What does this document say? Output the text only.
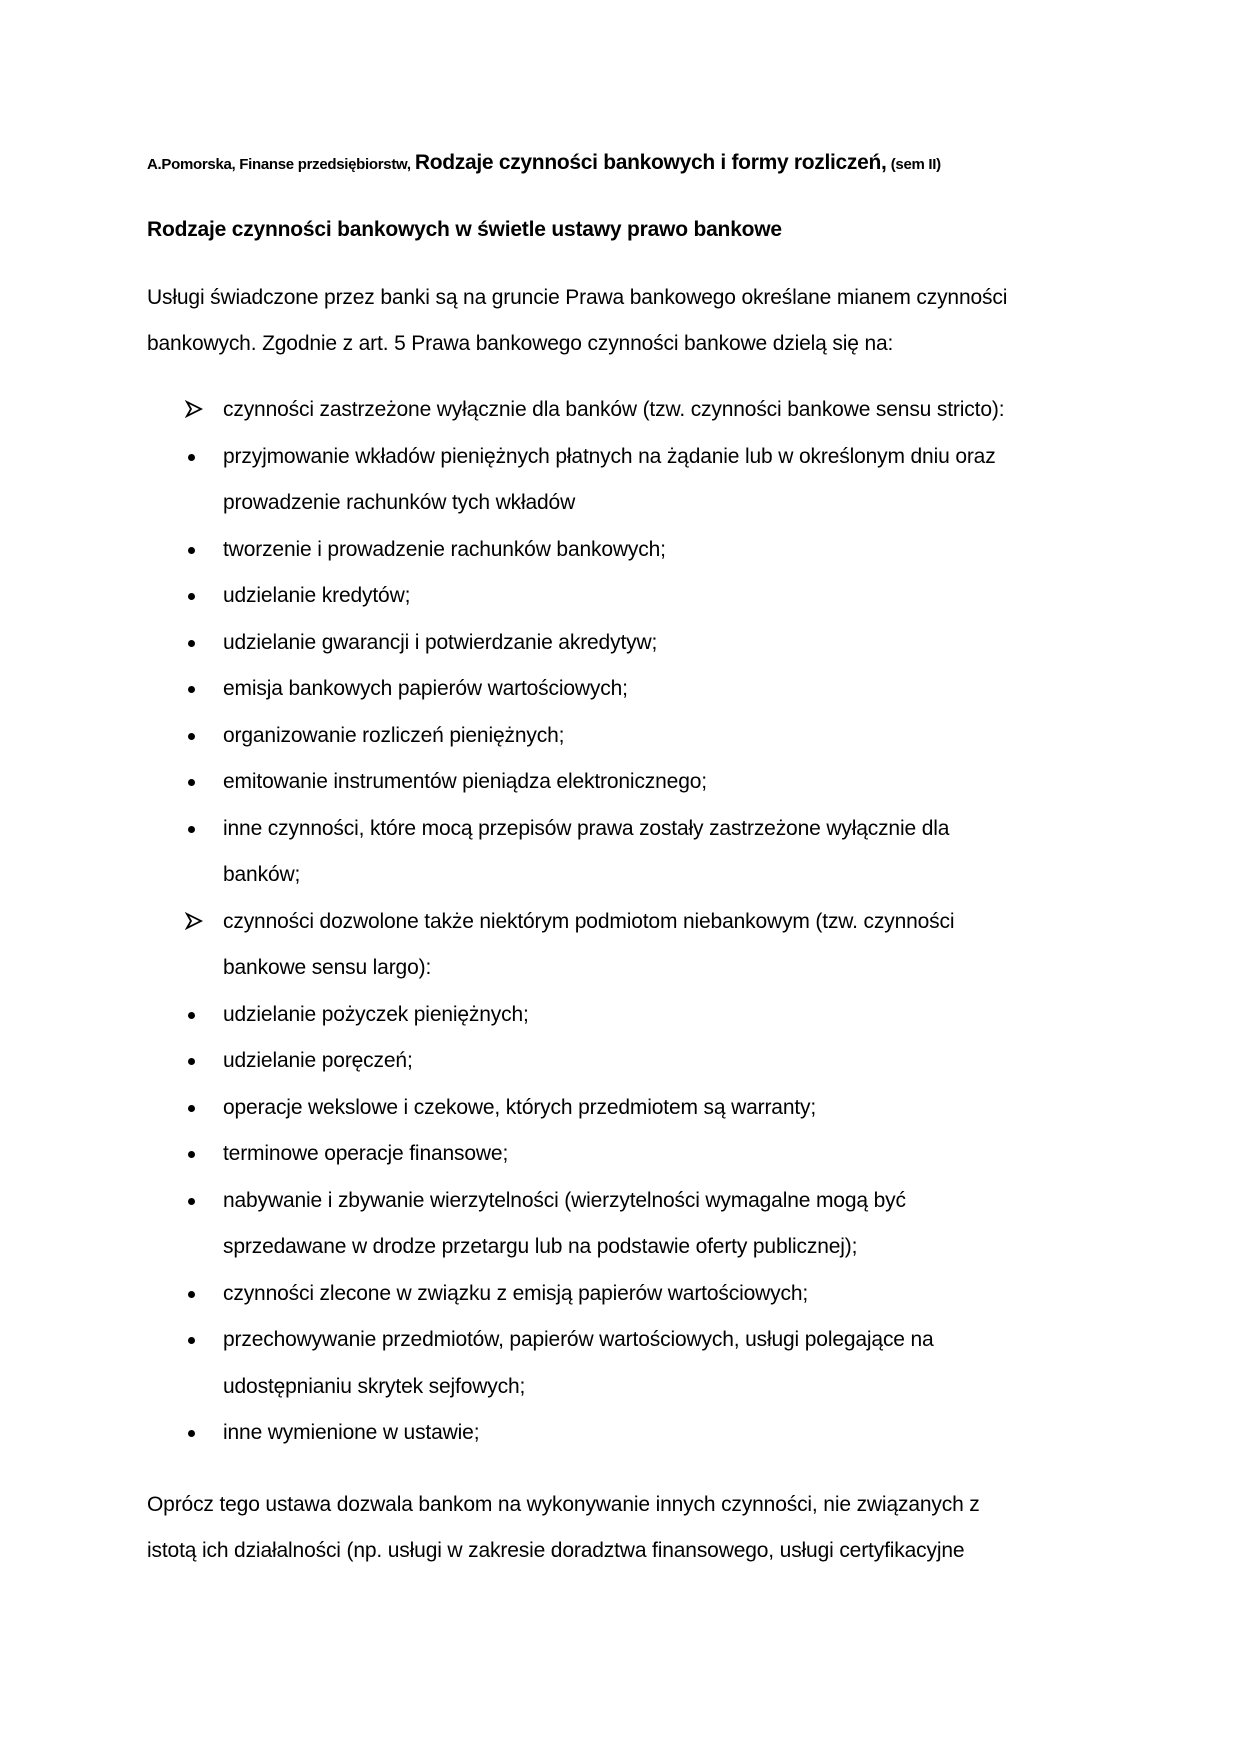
A.Pomorska, Finanse przedsiębiorstw, Rodzaje czynności bankowych i formy rozliczeń, (sem II)
Rodzaje czynności bankowych w świetle ustawy prawo bankowe
Usługi świadczone przez banki są na gruncie Prawa bankowego określane mianem czynności
bankowych. Zgodnie z art. 5 Prawa bankowego czynności bankowe dzielą się na:
czynności zastrzeżone wyłącznie dla banków (tzw. czynności bankowe sensu stricto):
przyjmowanie wkładów pieniężnych płatnych na żądanie lub w określonym dniu oraz
prowadzenie rachunków tych wkładów
tworzenie i prowadzenie rachunków bankowych;
udzielanie kredytów;
udzielanie gwarancji i potwierdzanie akredytyw;
emisja bankowych papierów wartościowych;
organizowanie rozliczeń pieniężnych;
emitowanie instrumentów pieniądza elektronicznego;
inne czynności, które mocą przepisów prawa zostały zastrzeżone wyłącznie dla
banków;
czynności dozwolone także niektórym podmiotom niebankowym (tzw. czynności
bankowe sensu largo):
udzielanie pożyczek pieniężnych;
udzielanie poręczeń;
operacje wekslowe i czekowe, których przedmiotem są warranty;
terminowe operacje finansowe;
nabywanie i zbywanie wierzytelności (wierzytelności wymagalne mogą być
sprzedawane w drodze przetargu lub na podstawie oferty publicznej);
czynności zlecone w związku z emisją papierów wartościowych;
przechowywanie przedmiotów, papierów wartościowych, usługi polegające na
udostępnianiu skrytek sejfowych;
inne wymienione w ustawie;
Oprócz tego ustawa dozwala bankom na wykonywanie innych czynności, nie związanych z
istotą ich działalności (np. usługi w zakresie doradztwa finansowego, usługi certyfikacyjne
